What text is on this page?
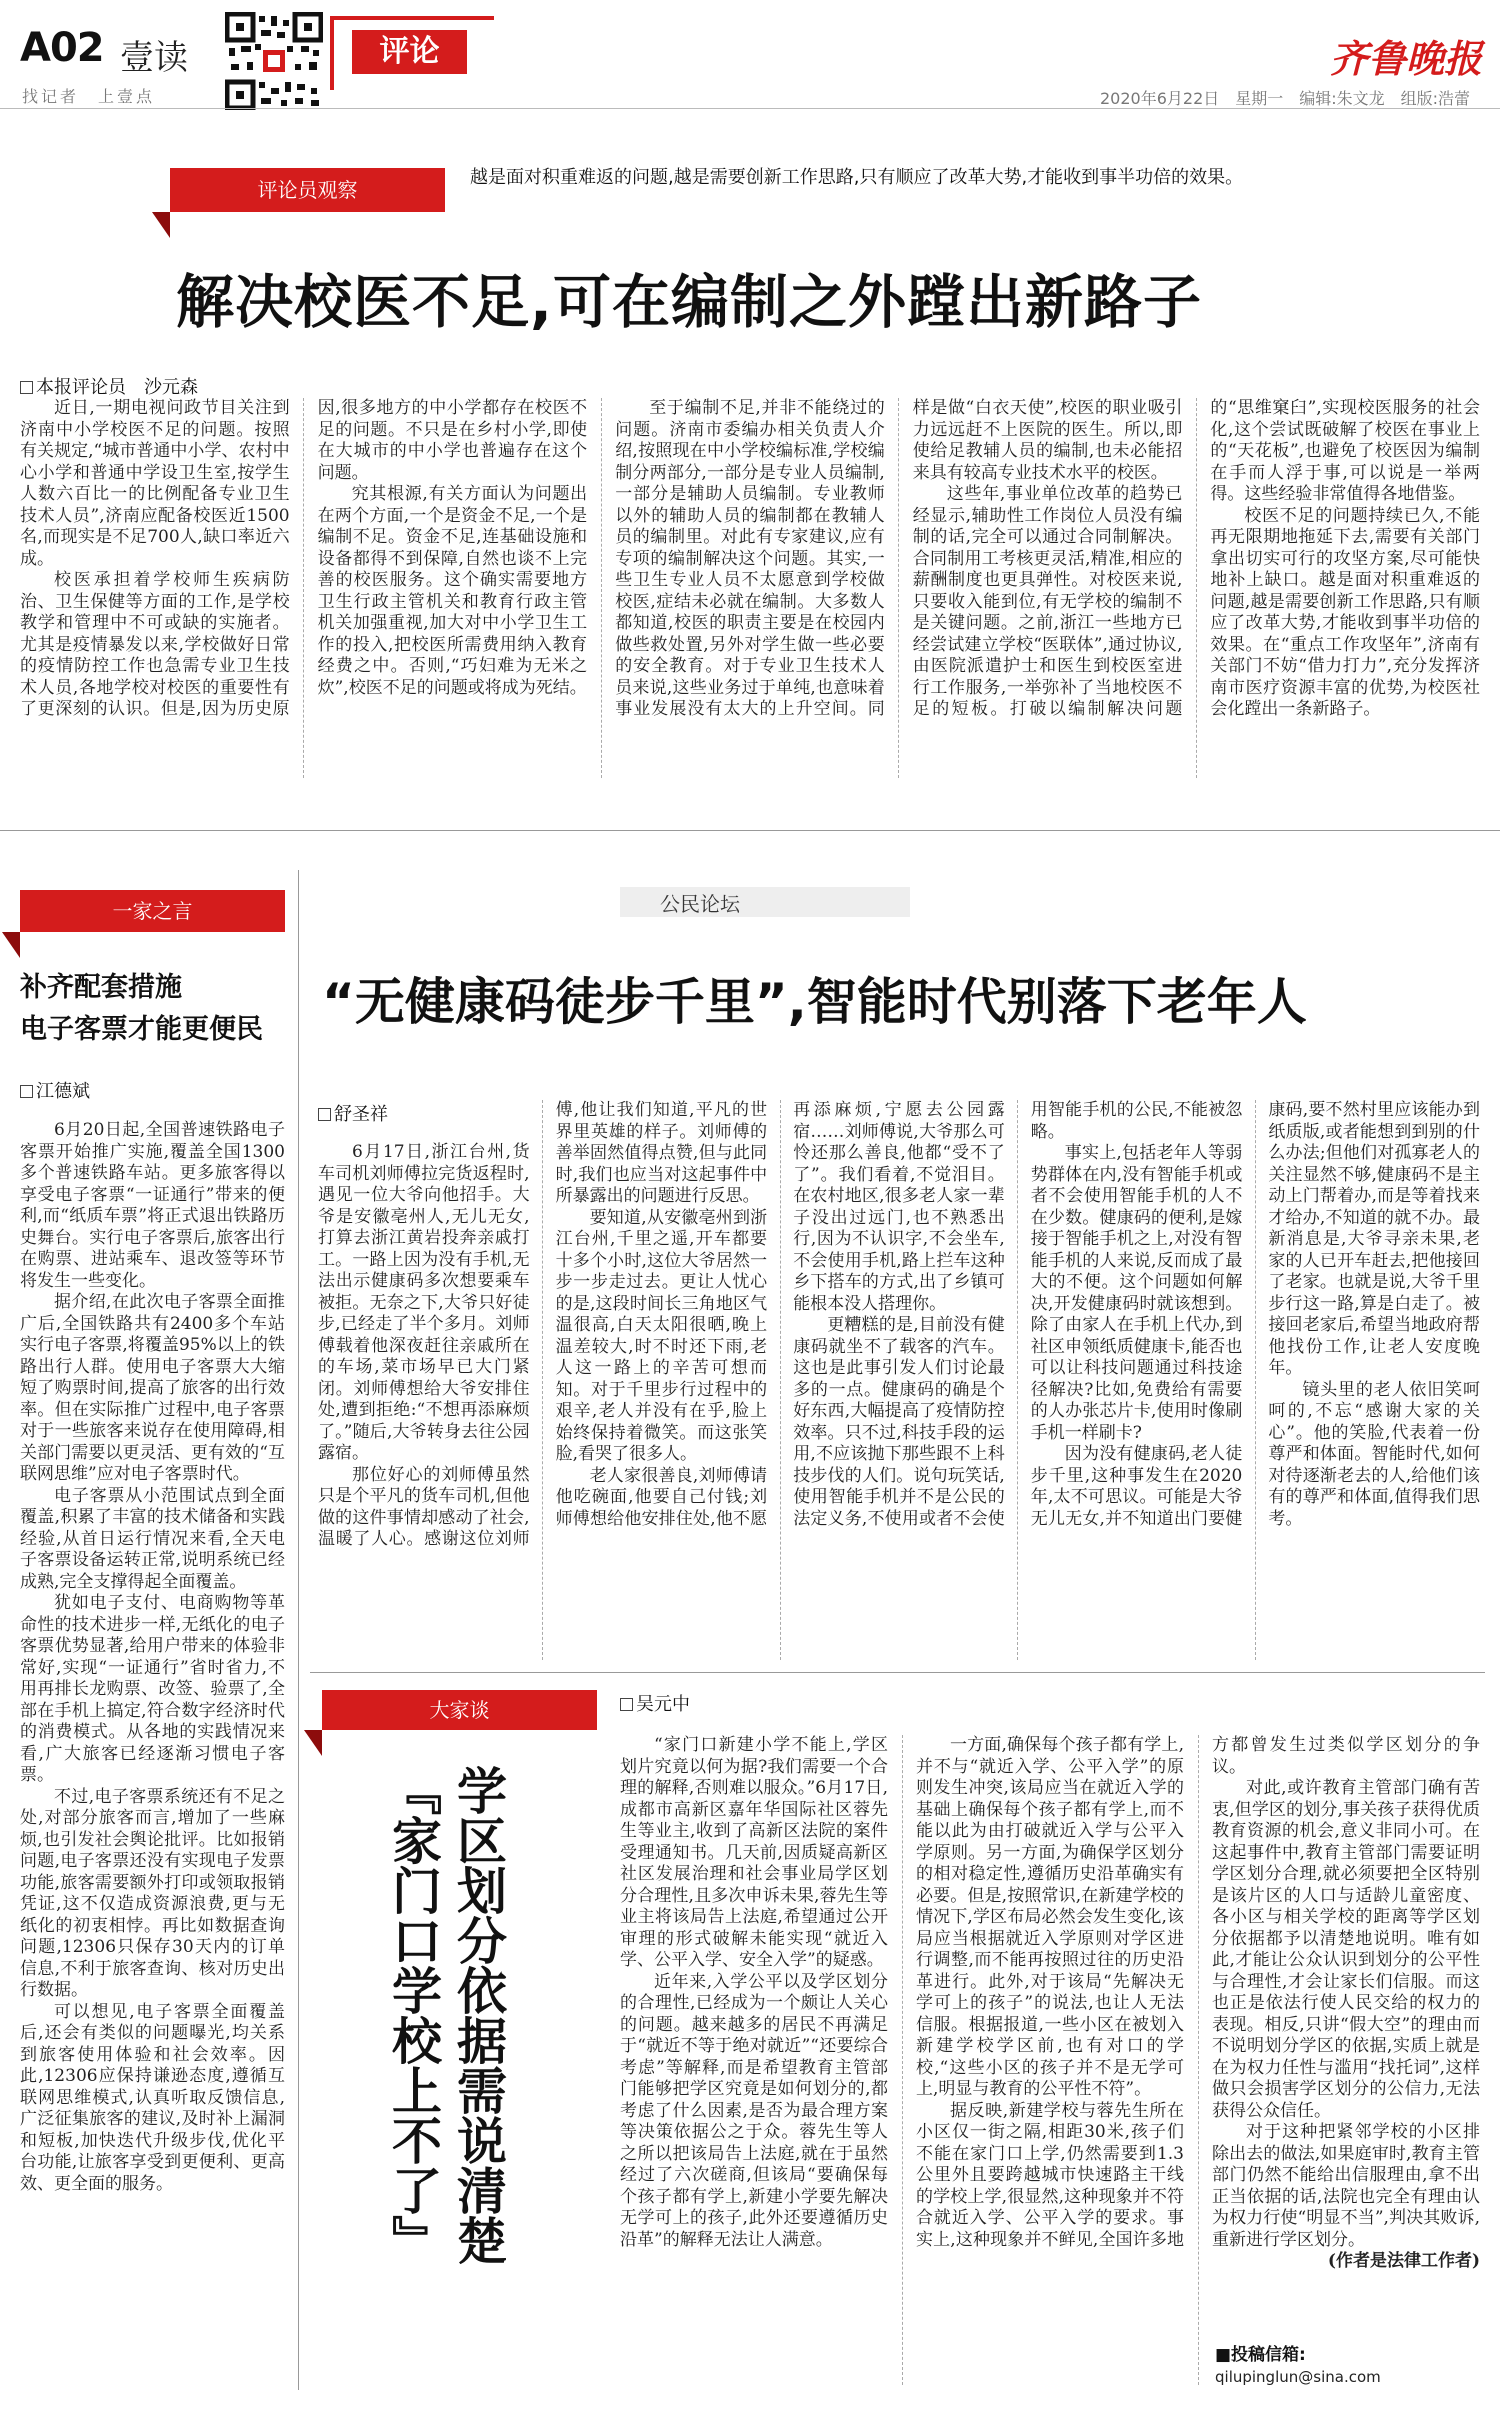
A02 壹读
找记者　上壹点
评论	齐鲁晚报
2020年6月22日　星期一　编辑:朱文龙　组版:浩蕾
评论员观察
越是面对积重难返的问题,越是需要创新工作思路,只有顺应了改革大势,才能收到事半功倍的效果。
解决校医不足,可在编制之外蹚出新路子
本报评论员　沙元森

近日,一期电视问政节目关注到济南中小学校医不足的问题。按照有关规定,“城市普通中小学、农村中心小学和普通中学设卫生室,按学生人数六百比一的比例配备专业卫生技术人员”,济南应配备校医近1500名,而现实是不足700人,缺口率近六成。

校医承担着学校师生疾病防治、卫生保健等方面的工作,是学校教学和管理中不可或缺的实施者。尤其是疫情暴发以来,学校做好日常的疫情防控工作也急需专业卫生技术人员,各地学校对校医的重要性有了更深刻的认识。但是,因为历史原因,很多地方的中小学都存在校医不足的问题。不只是在乡村小学,即使在大城市的中小学也普遍存在这个问题。

究其根源,有关方面认为问题出在两个方面,一个是资金不足,一个是编制不足。资金不足,连基础设施和设备都得不到保障,自然也谈不上完善的校医服务。这个确实需要地方卫生行政主管机关和教育行政主管机关加强重视,加大对中小学卫生工作的投入,把校医所需费用纳入教育经费之中。否则,“巧妇难为无米之炊”,校医不足的问题或将成为死结。

至于编制不足,并非不能绕过的问题。济南市委编办相关负责人介绍,按照现在中小学校编标准,学校编制分两部分,一部分是专业人员编制,一部分是辅助人员编制。专业教师以外的辅助人员的编制都在教辅人员的编制里。对此有专家建议,应有专项的编制解决这个问题。其实,一些卫生专业人员不太愿意到学校做校医,症结未必就在编制。大多数人都知道,校医的职责主要是在校园内做些救处置,另外对学生做一些必要的安全教育。对于专业卫生技术人员来说,这些业务过于单纯,也意味着事业发展没有太大的上升空间。同样是做“白衣天使”,校医的职业吸引力远远赶不上医院的医生。所以,即使给足教辅人员的编制,也未必能招来具有较高专业技术水平的校医。

这些年,事业单位改革的趋势已经显示,辅助性工作岗位人员没有编制的话,完全可以通过合同制解决。合同制用工考核更灵活,精准,相应的薪酬制度也更具弹性。对校医来说,只要收入能到位,有无学校的编制不是关键问题。之前,浙江一些地方已经尝试建立学校“医联体”,通过协议,由医院派遣护士和医生到校医室进行工作服务,一举弥补了当地校医不足的短板。打破以编制解决问题的“思维窠臼”,实现校医服务的社会化,这个尝试既破解了校医在事业上的“天花板”,也避免了校医因为编制在手而人浮于事,可以说是一举两得。这些经验非常值得各地借鉴。

校医不足的问题持续已久,不能再无限期地拖延下去,需要有关部门拿出切实可行的攻坚方案,尽可能快地补上缺口。越是面对积重难返的问题,越是需要创新工作思路,只有顺应了改革大势,才能收到事半功倍的效果。在“重点工作攻坚年”,济南有关部门不妨“借力打力”,充分发挥济南市医疗资源丰富的优势,为校医社会化蹚出一条新路子。

一家之言
补齐配套措施
电子客票才能更便民
江德斌

6月20日起,全国普速铁路电子客票开始推广实施,覆盖全国1300多个普速铁路车站。更多旅客得以享受电子客票“一证通行”带来的便利,而“纸质车票”将正式退出铁路历史舞台。实行电子客票后,旅客出行在购票、进站乘车、退改签等环节将发生一些变化。

据介绍,在此次电子客票全面推广后,全国铁路共有2400多个车站实行电子客票,将覆盖95%以上的铁路出行人群。使用电子客票大大缩短了购票时间,提高了旅客的出行效率。但在实际推广过程中,电子客票对于一些旅客来说存在使用障碍,相关部门需要以更灵活、更有效的“互联网思维”应对电子客票时代。

电子客票从小范围试点到全面覆盖,积累了丰富的技术储备和实践经验,从首日运行情况来看,全天电子客票设备运转正常,说明系统已经成熟,完全支撑得起全面覆盖。

犹如电子支付、电商购物等革命性的技术进步一样,无纸化的电子客票优势显著,给用户带来的体验非常好,实现“一证通行”省时省力,不用再排长龙购票、改签、验票了,全部在手机上搞定,符合数字经济时代的消费模式。从各地的实践情况来看,广大旅客已经逐渐习惯电子客票。

不过,电子客票系统还有不足之处,对部分旅客而言,增加了一些麻烦,也引发社会舆论批评。比如报销问题,电子客票还没有实现电子发票功能,旅客需要额外打印或领取报销凭证,这不仅造成资源浪费,更与无纸化的初衷相悖。再比如数据查询问题,12306只保存30天内的订单信息,不利于旅客查询、核对历史出行数据。

可以想见,电子客票全面覆盖后,还会有类似的问题曝光,均关系到旅客使用体验和社会效率。因此,12306应保持谦逊态度,遵循互联网思维模式,认真听取反馈信息,广泛征集旅客的建议,及时补上漏洞和短板,加快迭代升级步伐,优化平台功能,让旅客享受到更便利、更高效、更全面的服务。

公民论坛
“无健康码徒步千里”,智能时代别落下老年人
舒圣祥

6月17日,浙江台州,货车司机刘师傅拉完货返程时,遇见一位大爷向他招手。大爷是安徽亳州人,无儿无女,打算去浙江黄岩投奔亲戚打工。一路上因为没有手机,无法出示健康码多次想要乘车被拒。无奈之下,大爷只好徒步,已经走了半个多月。刘师傅载着他深夜赶往亲戚所在的车场,菜市场早已大门紧闭。刘师傅想给大爷安排住处,遭到拒绝:“不想再添麻烦了。”随后,大爷转身去往公园露宿。

那位好心的刘师傅虽然只是个平凡的货车司机,但他做的这件事情却感动了社会,温暖了人心。感谢这位刘师傅,他让我们知道,平凡的世界里英雄的样子。刘师傅的善举固然值得点赞,但与此同时,我们也应当对这起事件中所暴露出的问题进行反思。

要知道,从安徽亳州到浙江台州,千里之遥,开车都要十多个小时,这位大爷居然一步一步走过去。更让人忧心的是,这段时间长三角地区气温很高,白天太阳很晒,晚上温差较大,时不时还下雨,老人这一路上的辛苦可想而知。对于千里步行过程中的艰辛,老人并没有在乎,脸上始终保持着微笑。而这张笑脸,看哭了很多人。

老人家很善良,刘师傅请他吃碗面,他要自己付钱;刘师傅想给他安排住处,他不愿再添麻烦,宁愿去公园露宿……刘师傅说,大爷那么可怜还那么善良,他都“受不了了”。我们看着,不觉泪目。在农村地区,很多老人家一辈子没出过远门,也不熟悉出行,因为不认识字,不会坐车,不会使用手机,路上拦车这种乡下搭车的方式,出了乡镇可能根本没人搭理你。

更糟糕的是,目前没有健康码就坐不了载客的汽车。这也是此事引发人们讨论最多的一点。健康码的确是个好东西,大幅提高了疫情防控效率。只不过,科技手段的运用,不应该抛下那些跟不上科技步伐的人们。说句玩笑话,使用智能手机并不是公民的法定义务,不使用或者不会使用智能手机的公民,不能被忽略。

事实上,包括老年人等弱势群体在内,没有智能手机或者不会使用智能手机的人不在少数。健康码的便利,是嫁接于智能手机之上,对没有智能手机的人来说,反而成了最大的不便。这个问题如何解决,开发健康码时就该想到。除了由家人在手机上代办,到社区申领纸质健康卡,能否也可以让科技问题通过科技途径解决?比如,免费给有需要的人办张芯片卡,使用时像刷手机一样刷卡?

因为没有健康码,老人徒步千里,这种事发生在2020年,太不可思议。可能是大爷无儿无女,并不知道出门要健康码,要不然村里应该能办到纸质版,或者能想到到别的什么办法;但他们对孤寡老人的关注显然不够,健康码不是主动上门帮着办,而是等着找来才给办,不知道的就不办。最新消息是,大爷寻亲未果,老家的人已开车赶去,把他接回了老家。也就是说,大爷千里步行这一路,算是白走了。被接回老家后,希望当地政府帮他找份工作,让老人安度晚年。

镜头里的老人依旧笑呵呵的,不忘“感谢大家的关心”。他的笑脸,代表着一份尊严和体面。智能时代,如何对待逐渐老去的人,给他们该有的尊严和体面,值得我们思考。

大家谈
学区划分依据需说清楚
『家门口学校上不了』
吴元中

“家门口新建小学不能上,学区划片究竟以何为据?我们需要一个合理的解释,否则难以服众。”6月17日,成都市高新区嘉年华国际社区蓉先生等业主,收到了高新区法院的案件受理通知书。几天前,因质疑高新区社区发展治理和社会事业局学区划分合理性,且多次申诉未果,蓉先生等业主将该局告上法庭,希望通过公开审理的形式破解未能实现“就近入学、公平入学、安全入学”的疑惑。

近年来,入学公平以及学区划分的合理性,已经成为一个颇让人关心的问题。越来越多的居民不再满足于“就近不等于绝对就近”“还要综合考虑”等解释,而是希望教育主管部门能够把学区究竟是如何划分的,都考虑了什么因素,是否为最合理方案等决策依据公之于众。蓉先生等人之所以把该局告上法庭,就在于虽然经过了六次磋商,但该局“要确保每个孩子都有学上,新建小学要先解决无学可上的孩子,此外还要遵循历史沿革”的解释无法让人满意。

一方面,确保每个孩子都有学上,并不与“就近入学、公平入学”的原则发生冲突,该局应当在就近入学的基础上确保每个孩子都有学上,而不能以此为由打破就近入学与公平入学原则。另一方面,为确保学区划分的相对稳定性,遵循历史沿革确实有必要。但是,按照常识,在新建学校的情况下,学区布局必然会发生变化,该局应当根据就近入学原则对学区进行调整,而不能再按照过往的历史沿革进行。此外,对于该局“先解决无学可上的孩子”的说法,也让人无法信服。根据报道,一些小区在被划入新建学校学区前,也有对口的学校,“这些小区的孩子并不是无学可上,明显与教育的公平性不符”。

据反映,新建学校与蓉先生所在小区仅一街之隔,相距30米,孩子们不能在家门口上学,仍然需要到1.3公里外且要跨越城市快速路主干线的学校上学,很显然,这种现象并不符合就近入学、公平入学的要求。事实上,这种现象并不鲜见,全国许多地方都曾发生过类似学区划分的争议。

对此,或许教育主管部门确有苦衷,但学区的划分,事关孩子获得优质教育资源的机会,意义非同小可。在这起事件中,教育主管部门需要证明学区划分合理,就必须要把全区特别是该片区的人口与适龄儿童密度、各小区与相关学校的距离等学区划分依据都予以清楚地说明。唯有如此,才能让公众认识到划分的公平性与合理性,才会让家长们信服。而这也正是依法行使人民交给的权力的表现。相反,只讲“假大空”的理由而不说明划分学区的依据,实质上就是在为权力任性与滥用“找托词”,这样做只会损害学区划分的公信力,无法获得公众信任。

对于这种把紧邻学校的小区排除出去的做法,如果庭审时,教育主管部门仍然不能给出信服理由,拿不出正当依据的话,法院也完全有理由认为权力行使“明显不当”,判决其败诉,重新进行学区划分。

(作者是法律工作者)

■投稿信箱:
qilupinglun@sina.com
